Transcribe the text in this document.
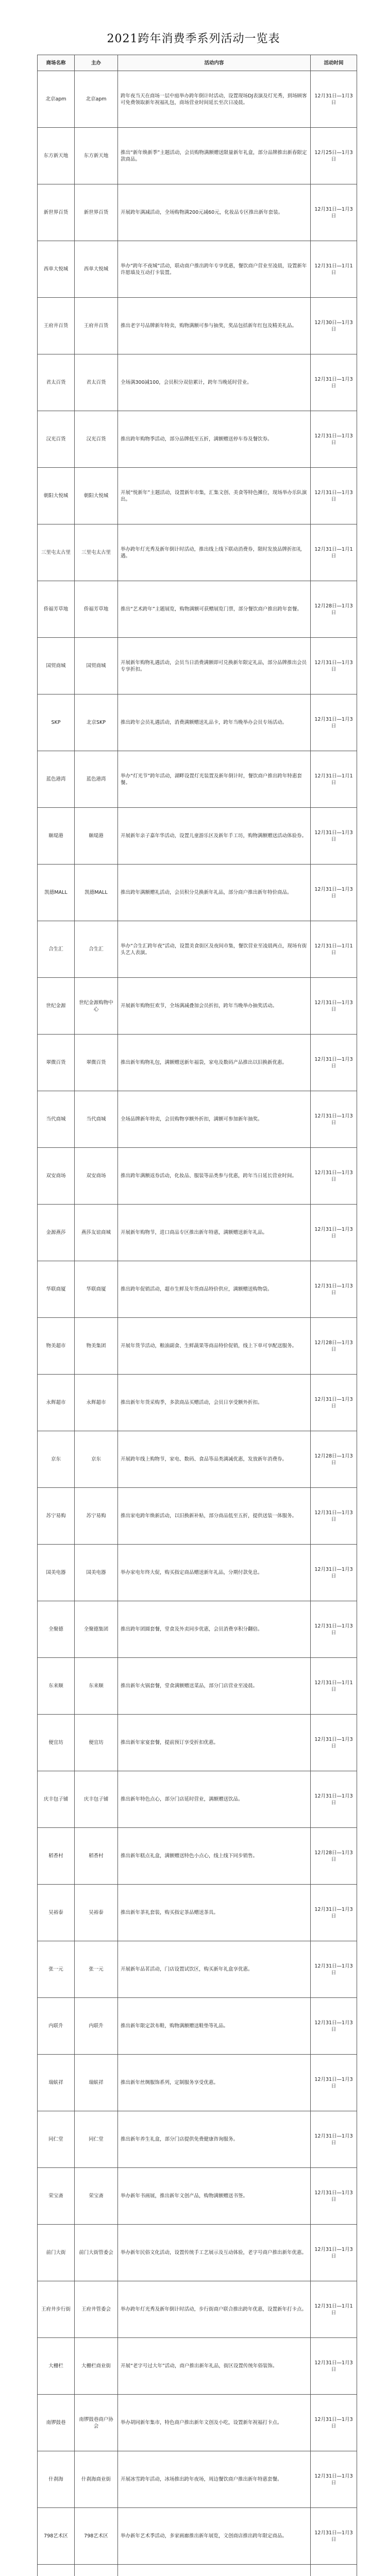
2021跨年消费季系列活动一览表
商场名称	主办	活动内容	活动时间
北京apm	北京apm	跨年夜当天在商场一层中庭举办跨年倒计时活动，设置现场DJ表演及灯光秀，到场顾客可免费领取新年祝福礼包，商场营业时间延长至次日凌晨。	12月31日—1月3日
东方新天地	东方新天地	推出“新年焕新季”主题活动，会员购物满额赠送限量新年礼盒，部分品牌推出新春限定款商品。	12月25日—1月3日
新世界百货	新世界百货	开展跨年满减活动，全场购物满200元减60元，化妆品专区推出新年套装。	12月31日—1月3日
西单大悦城	西单大悦城	举办“跨年不夜城”活动，联动商户推出跨年专享优惠，餐饮商户营业至凌晨，设置新年许愿墙及互动打卡装置。	12月31日—1月1日
王府井百货	王府井百货	推出老字号品牌新年特卖，购物满额可参与抽奖，奖品包括新年红包及精美礼品。	12月30日—1月3日
君太百货	君太百货	全场满300减100，会员积分双倍累计，跨年当晚延时营业。	12月31日—1月3日
汉光百货	汉光百货	推出跨年购物季活动，部分品牌低至五折，满额赠送停车券及餐饮券。	12月31日—1月3日
朝阳大悦城	朝阳大悦城	开展“悦新年”主题活动，设置新年市集，汇集文创、美食等特色摊位，现场举办乐队演出。	12月31日—1月3日
三里屯太古里	三里屯太古里	举办跨年灯光秀及新年倒计时活动，推出线上线下联动消费券，限时发放品牌折扣礼遇。	12月31日—1月1日
侨福芳草地	侨福芳草地	推出“艺术跨年”主题展览，购物满额可获赠展览门票，部分餐饮商户推出跨年套餐。	12月28日—1月3日
国贸商城	国贸商城	开展新年购物礼遇活动，会员当日消费满额即可兑换新年限定礼品，部分品牌推出会员专享折扣。	12月31日—1月3日
SKP	北京SKP	推出跨年会员礼遇活动，消费满额赠送礼品卡，跨年当晚举办会员专场活动。	12月31日—1月3日
蓝色港湾	蓝色港湾	举办“灯光节”跨年活动，湖畔设置灯光装置及新年倒计时，餐饮商户推出跨年特惠套餐。	12月31日—1月1日
颐堤港	颐堤港	开展新年亲子嘉年华活动，设置儿童游乐区及新年手工坊，购物满额赠送活动体验券。	12月31日—1月3日
凯德MALL	凯德MALL	推出跨年满额赠礼活动，会员积分兑换新年礼品，部分商户推出新年特价商品。	12月31日—1月3日
合生汇	合生汇	举办“合生汇跨年夜”活动，设置美食街区及夜间市集，餐饮营业至凌晨两点，现场有街头艺人表演。	12月31日—1月1日
世纪金源	世纪金源购物中心	开展新年购物狂欢节，全场满减叠加会员折扣，跨年当晚举办抽奖活动。	12月31日—1月3日
翠微百货	翠微百货	推出新年购物礼包，满额赠送新年福袋，家电及数码产品推出以旧换新优惠。	12月31日—1月3日
当代商城	当代商城	全场品牌新年特卖，会员购物享额外折扣，满额可参加新年抽奖。	12月31日—1月3日
双安商场	双安商场	推出跨年满额返券活动，化妆品、服装等品类参与优惠，跨年当日延长营业时间。	12月31日—1月3日
金源燕莎	燕莎友谊商城	开展新年购物节，进口商品专区推出新年特惠，满额赠送新年礼品。	12月31日—1月3日
华联商厦	华联商厦	推出跨年促销活动，超市生鲜及年货商品特价供应，满额赠送购物袋。	12月31日—1月3日
物美超市	物美集团	开展年货节活动，粮油副食、生鲜蔬果等商品特价促销，线上下单可享配送服务。	12月28日—1月3日
永辉超市	永辉超市	推出新年年货采购季，多款商品买赠活动，会员日享受额外折扣。	12月31日—1月3日
京东	京东	开展跨年线上购物节，家电、数码、食品等品类满减优惠，发放新年消费券。	12月28日—1月3日
苏宁易购	苏宁易购	推出家电跨年焕新活动，以旧换新补贴，部分商品低至五折，提供送装一体服务。	12月31日—1月3日
国美电器	国美电器	举办家电年终大促，购买指定商品赠送新年礼品，分期付款免息。	12月31日—1月3日
全聚德	全聚德集团	推出跨年团圆套餐，堂食及外卖同步优惠，会员消费享积分翻倍。	12月31日—1月3日
东来顺	东来顺	推出新年火锅套餐，堂食满额赠送菜品，部分门店营业至凌晨。	12月31日—1月1日
便宜坊	便宜坊	推出新年家宴套餐，提前预订享受折扣优惠。	12月31日—1月3日
庆丰包子铺	庆丰包子铺	推出新年特色点心，部分门店延时营业，满额赠送饮品。	12月31日—1月3日
稻香村	稻香村	推出新年糕点礼盒，满额赠送特色小点心，线上线下同步销售。	12月28日—1月3日
吴裕泰	吴裕泰	推出新年茶礼套装，购买指定茶品赠送茶具。	12月31日—1月3日
张一元	张一元	开展新年品茗活动，门店设置试饮区，购买新年礼盒享优惠。	12月31日—1月3日
内联升	内联升	推出新年限定款布鞋，购物满额赠送鞋垫等礼品。	12月31日—1月3日
瑞蚨祥	瑞蚨祥	推出新年丝绸服饰系列，定制服务享受优惠。	12月31日—1月3日
同仁堂	同仁堂	推出新年养生礼盒，部分门店提供免费健康咨询服务。	12月31日—1月3日
荣宝斋	荣宝斋	举办新年书画展，推出新年文创产品，购物满额赠送书签。	12月31日—1月3日
前门大街	前门大街管委会	举办新年民俗文化活动，设置传统手工艺展示及互动体验，老字号商户推出新年优惠。	12月31日—1月3日
王府井步行街	王府井管委会	举办跨年灯光秀及新年倒计时活动，步行街商户联合推出跨年优惠，设置新年打卡点。	12月31日—1月1日
大栅栏	大栅栏商业街	开展“老字号过大年”活动，商户推出新年礼品，街区设置传统年俗装饰。	12月31日—1月3日
南锣鼓巷	南锣鼓巷商户协会	举办胡同新年集市，特色商户推出新年文创及小吃，设置新年祝福打卡点。	12月31日—1月3日
什刹海	什刹海商业街	开展冰雪跨年活动，冰场推出跨年夜场，周边餐饮商户推出新年特惠套餐。	12月31日—1月3日
798艺术区	798艺术区	举办新年艺术季活动，多家画廊推出新年展览，文创商店推出跨年限定商品。	12月31日—1月3日
